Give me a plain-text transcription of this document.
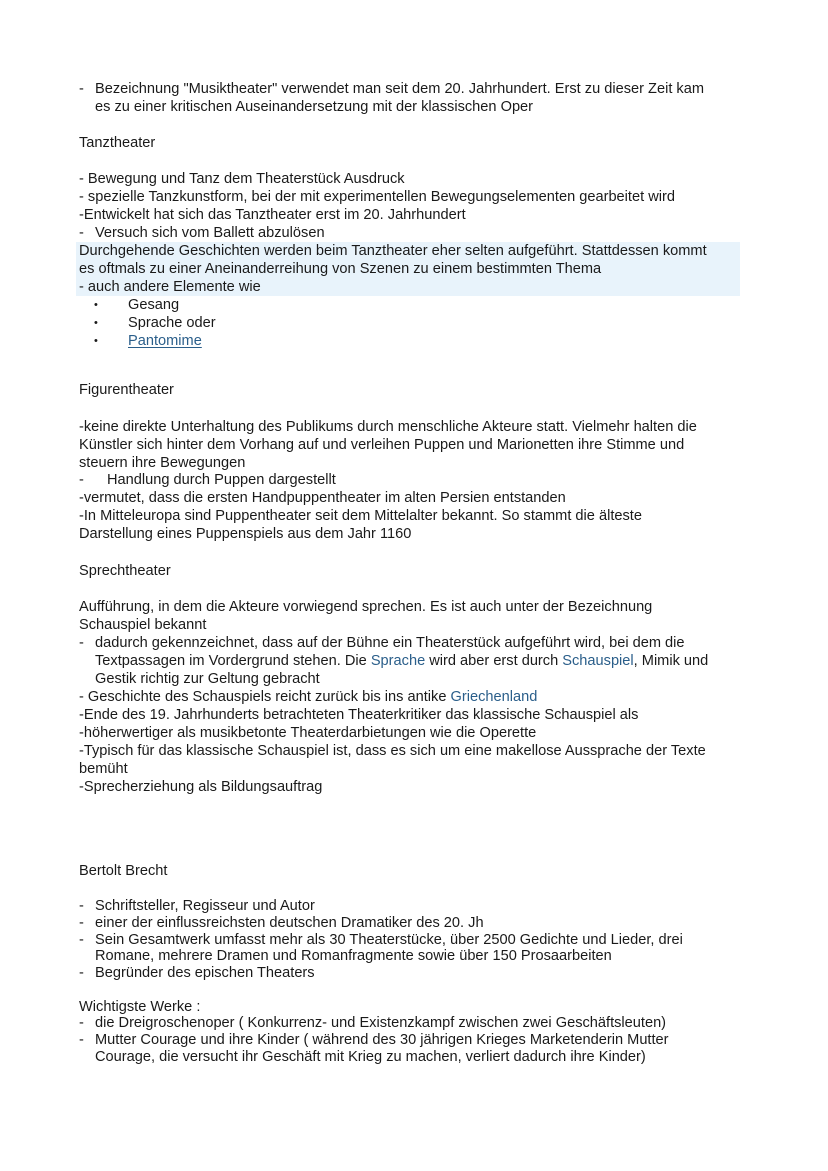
- Bezeichnung "Musiktheater" verwendet man seit dem 20. Jahrhundert. Erst zu dieser Zeit kam
es zu einer kritischen Auseinandersetzung mit der klassischen Oper
Tanztheater
- Bewegung und Tanz dem Theaterstück Ausdruck
- spezielle Tanzkunstform, bei der mit experimentellen Bewegungselementen gearbeitet wird
-Entwickelt hat sich das Tanztheater erst im 20. Jahrhundert
- Versuch sich vom Ballett abzulösen
Durchgehende Geschichten werden beim Tanztheater eher selten aufgeführt. Stattdessen kommt
es oftmals zu einer Aneinanderreihung von Szenen zu einem bestimmten Thema
- auch andere Elemente wie
• Gesang
• Sprache oder
• Pantomime
Figurentheater
-keine direkte Unterhaltung des Publikums durch menschliche Akteure statt. Vielmehr halten die
Künstler sich hinter dem Vorhang auf und verleihen Puppen und Marionetten ihre Stimme und
steuern ihre Bewegungen
- Handlung durch Puppen dargestellt
-vermutet, dass die ersten Handpuppentheater im alten Persien entstanden
-In Mitteleuropa sind Puppentheater seit dem Mittelalter bekannt. So stammt die älteste
Darstellung eines Puppenspiels aus dem Jahr 1160
Sprechtheater
Aufführung, in dem die Akteure vorwiegend sprechen. Es ist auch unter der Bezeichnung
Schauspiel bekannt
- dadurch gekennzeichnet, dass auf der Bühne ein Theaterstück aufgeführt wird, bei dem die
Textpassagen im Vordergrund stehen. Die Sprache wird aber erst durch Schauspiel, Mimik und
Gestik richtig zur Geltung gebracht
- Geschichte des Schauspiels reicht zurück bis ins antike Griechenland
-Ende des 19. Jahrhunderts betrachteten Theaterkritiker das klassische Schauspiel als
-höherwertiger als musikbetonte Theaterdarbietungen wie die Operette
-Typisch für das klassische Schauspiel ist, dass es sich um eine makellose Aussprache der Texte
bemüht
-Sprecherziehung als Bildungsauftrag
Bertolt Brecht
- Schriftsteller, Regisseur und Autor
- einer der einflussreichsten deutschen Dramatiker des 20. Jh
- Sein Gesamtwerk umfasst mehr als 30 Theaterstücke, über 2500 Gedichte und Lieder, drei
Romane, mehrere Dramen und Romanfragmente sowie über 150 Prosaarbeiten
- Begründer des epischen Theaters
Wichtigste Werke :
- die Dreigroschenoper ( Konkurrenz- und Existenzkampf zwischen zwei Geschäftsleuten)
- Mutter Courage und ihre Kinder ( während des 30 jährigen Krieges Marketenderin Mutter
Courage, die versucht ihr Geschäft mit Krieg zu machen, verliert dadurch ihre Kinder)
